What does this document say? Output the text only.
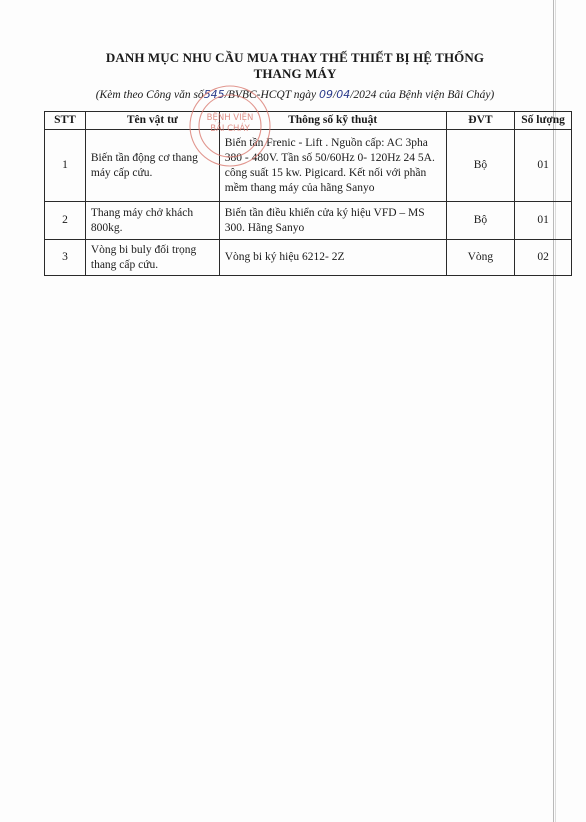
DANH MỤC NHU CẦU MUA THAY THẾ THIẾT BỊ HỆ THỐNG
THANG MÁY
(Kèm theo Công văn số545/BVBC-HCQT ngày 09/04/2024 của Bệnh viện Bãi Cháy)
STT	Tên vật tư	Thông số kỹ thuật	ĐVT	Số lượng
1	Biến tần động cơ thang máy cấp cứu.	Biến tần Frenic - Lift . Nguồn cấp: AC 3pha 380 - 480V. Tần số 50/60Hz 0- 120Hz 24 5A. công suất 15 kw. Pigicard. Kết nối với phần mềm thang máy của hãng Sanyo	Bộ	01
2	Thang máy chở khách 800kg.	Biến tần điều khiển cửa ký hiệu VFD – MS 300. Hãng Sanyo	Bộ	01
3	Vòng bi buly đối trọng thang cấp cứu.	Vòng bi ký hiệu 6212- 2Z	Vòng	02
BỆNH VIỆN
BÃI CHÁY
